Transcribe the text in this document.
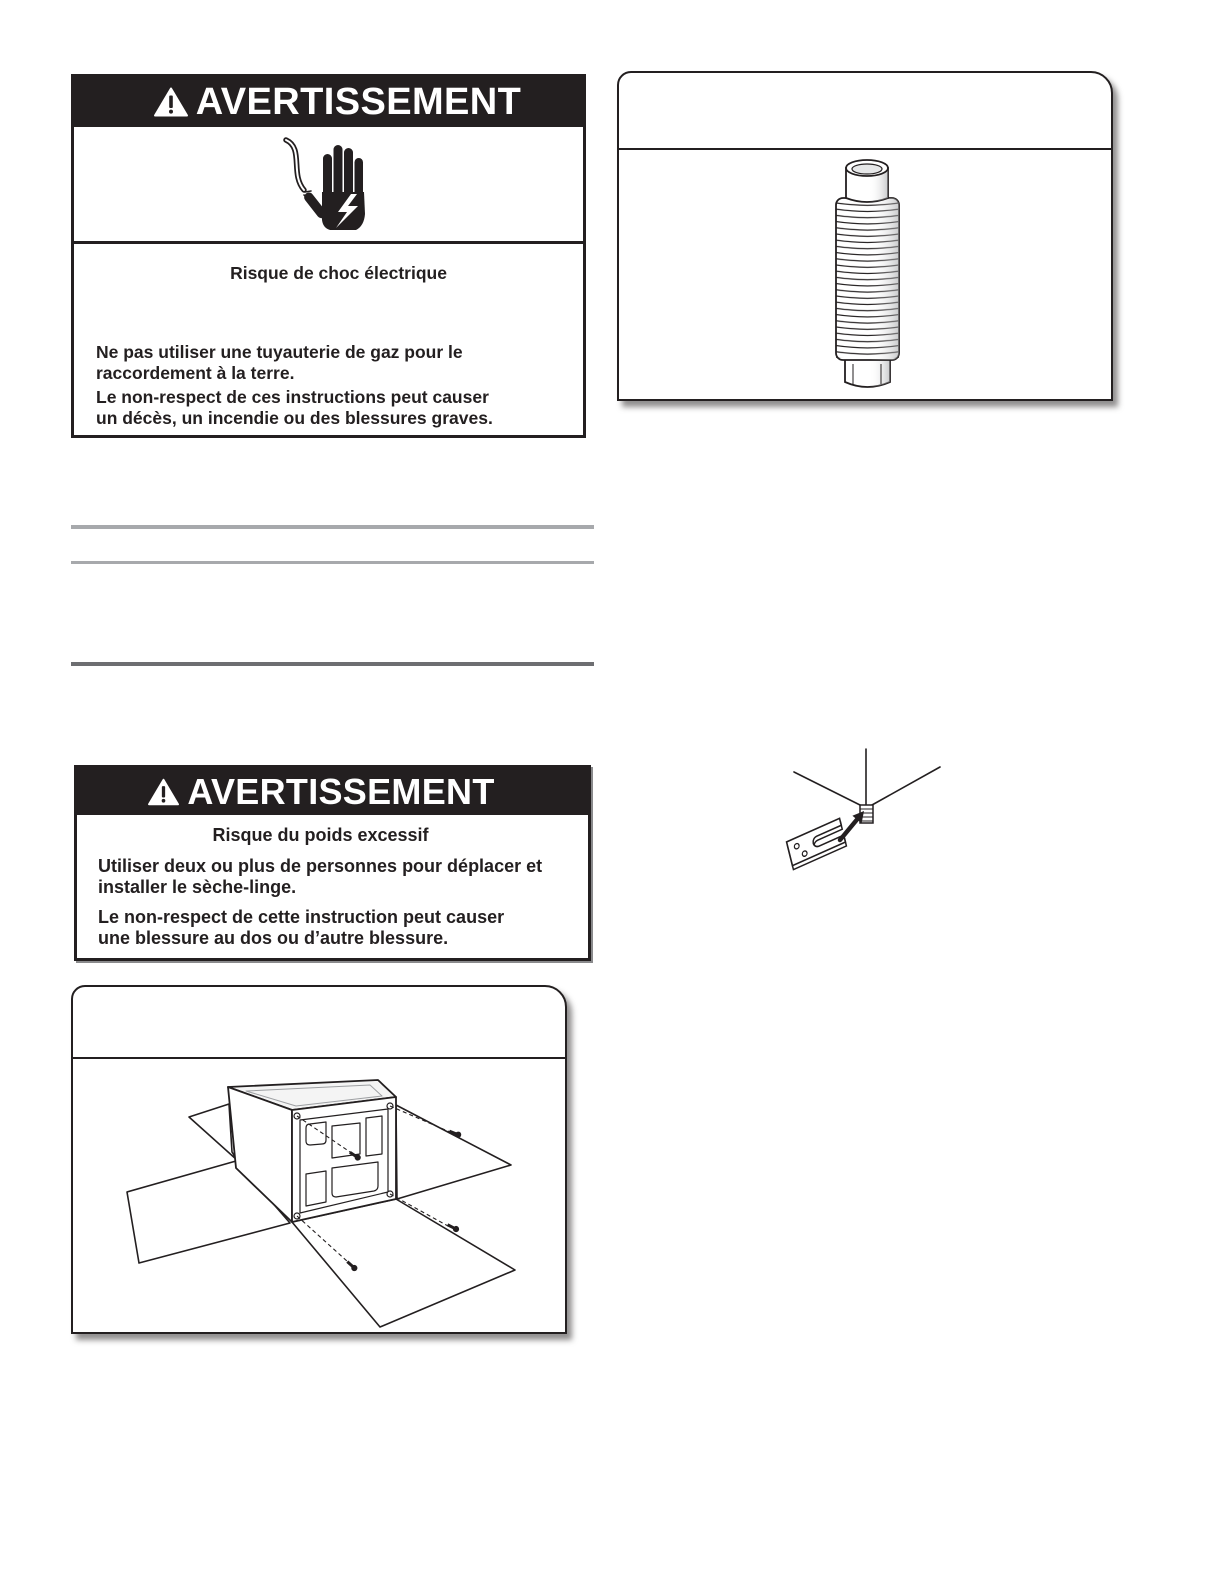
AVERTISSEMENT
Risque de choc électrique
Ne pas utiliser une tuyauterie de gaz pour le
raccordement à la terre.
Le non-respect de ces instructions peut causer
un décès, un incendie ou des blessures graves.
AVERTISSEMENT
Risque du poids excessif
Utiliser deux ou plus de personnes pour déplacer et
installer le sèche-linge.
Le non-respect de cette instruction peut causer
une blessure au dos ou d’autre blessure.
